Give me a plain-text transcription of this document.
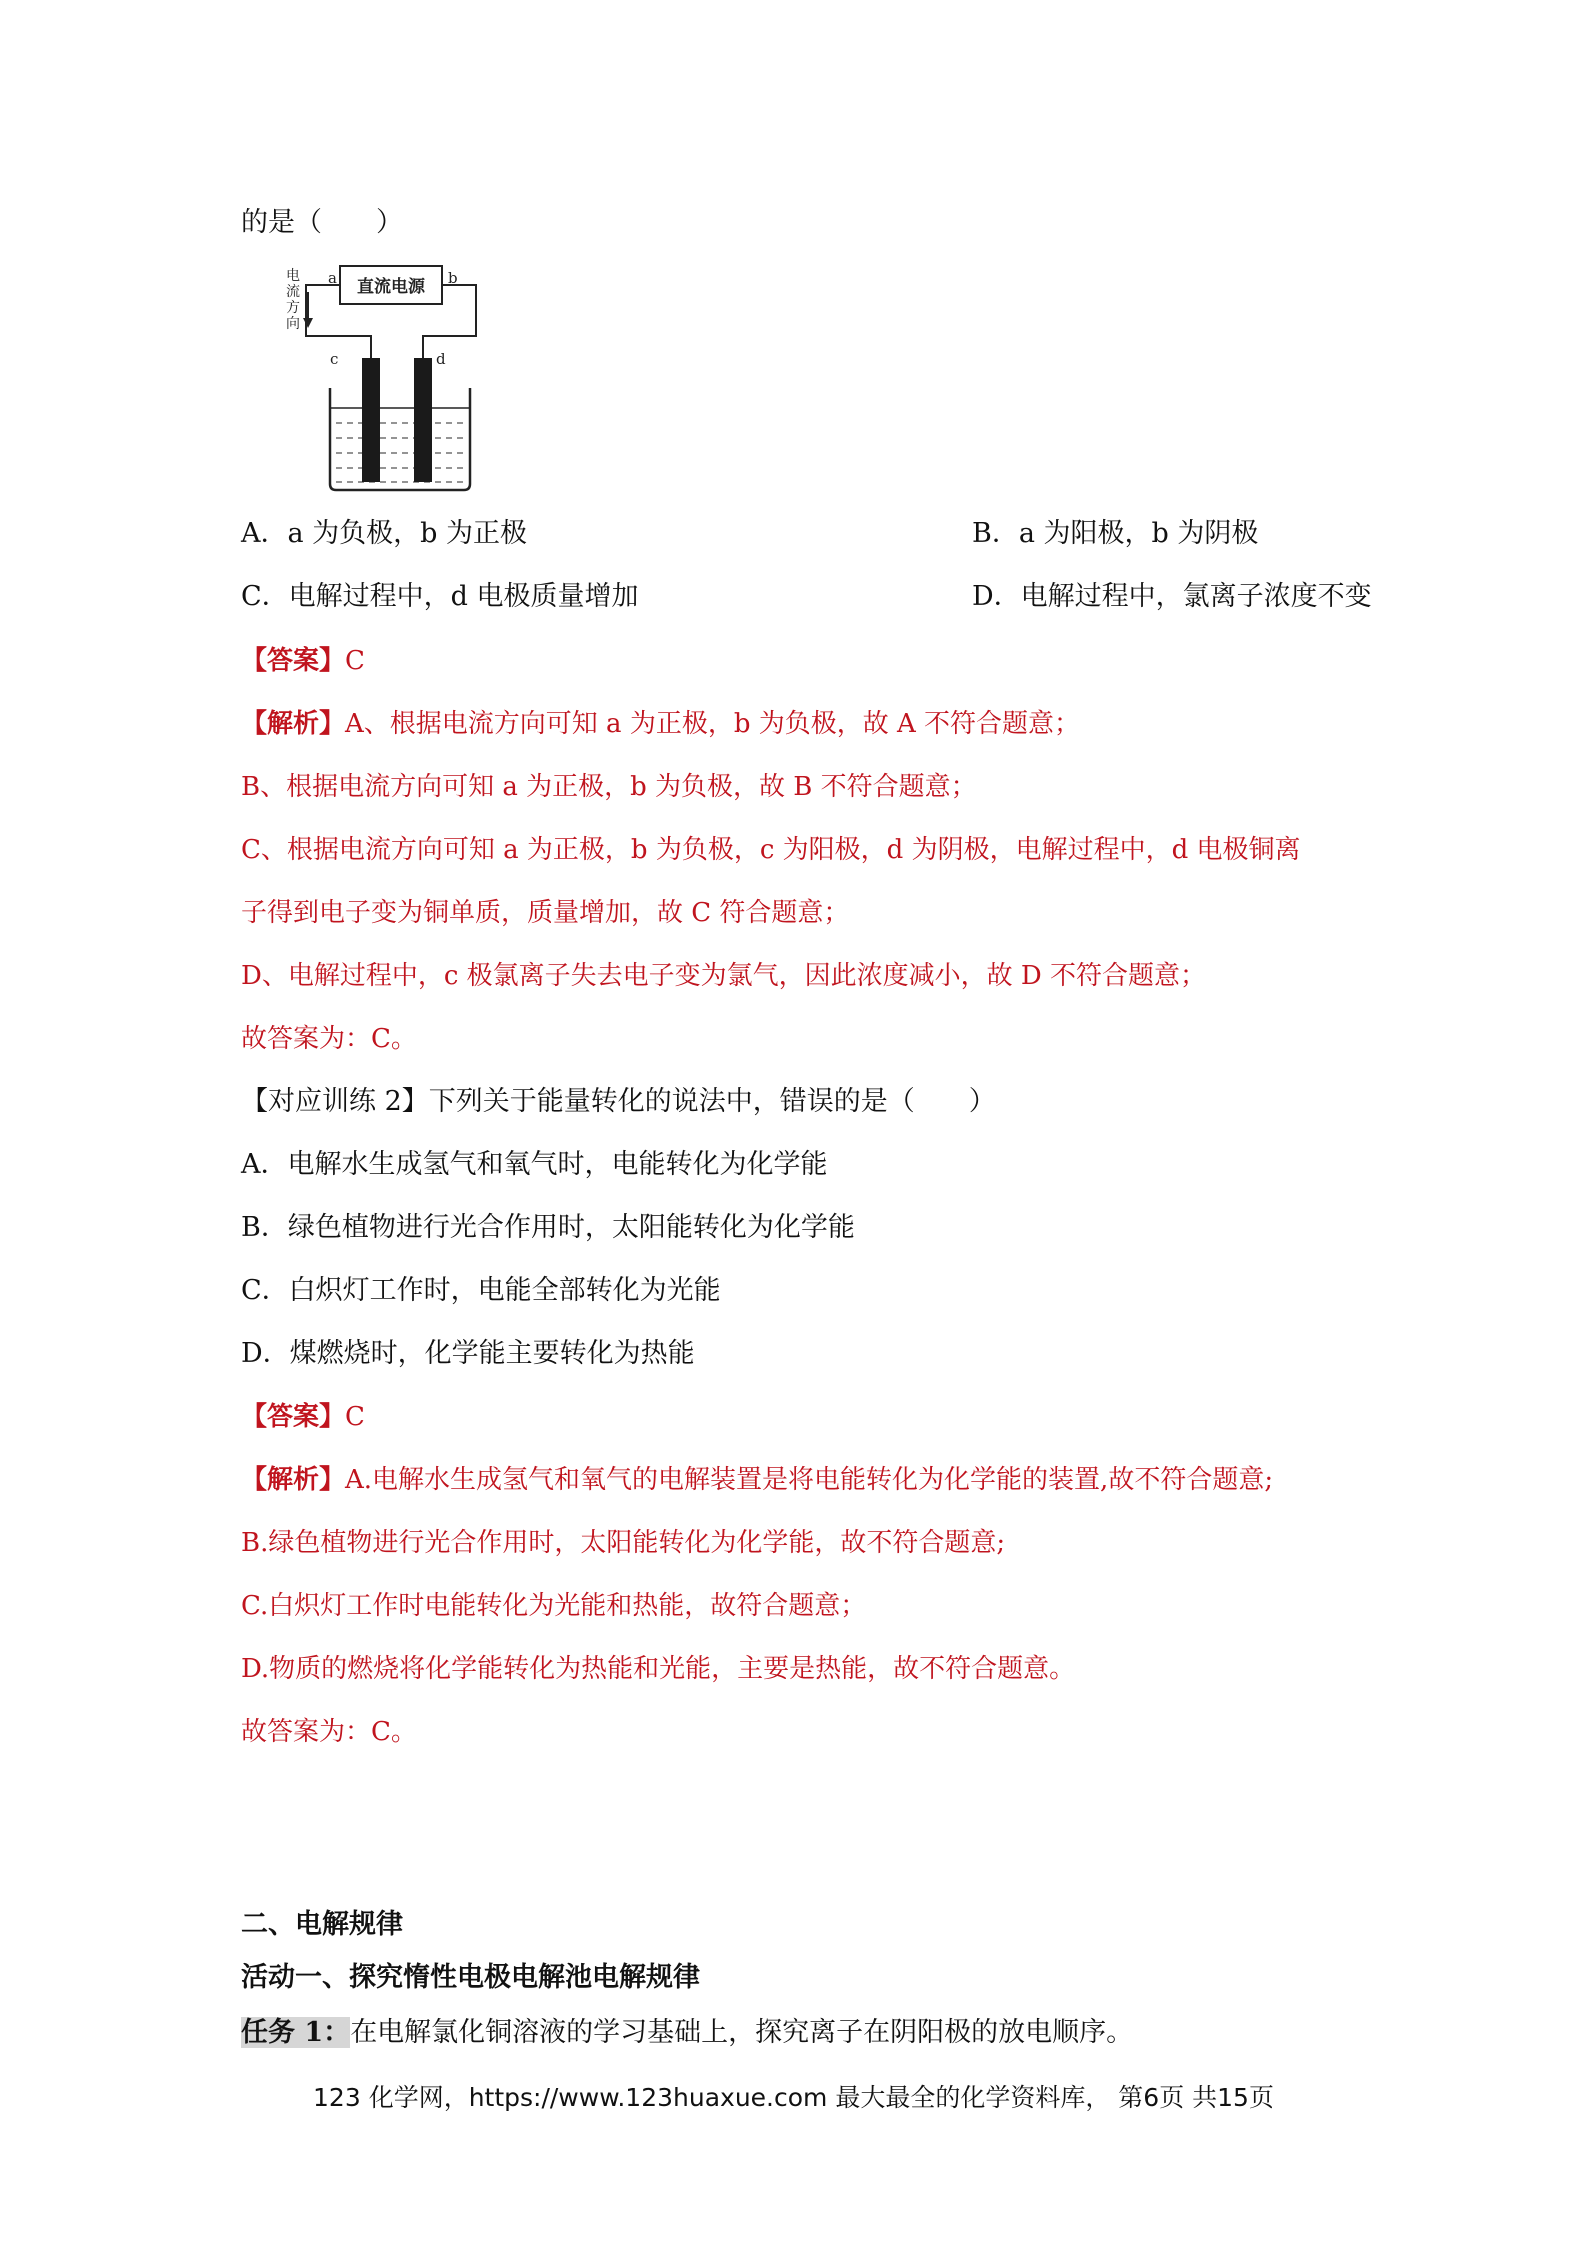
的是（　　）
直流电源
a	b
c	d
电
流
方
向
A．a 为负极，b 为正极	B．a 为阳极，b 为阴极
C．电解过程中，d 电极质量增加	D．电解过程中，氯离子浓度不变
【答案】C
【解析】A、根据电流方向可知 a 为正极，b 为负极，故 A 不符合题意；
B、根据电流方向可知 a 为正极，b 为负极，故 B 不符合题意；
C、根据电流方向可知 a 为正极，b 为负极，c 为阳极，d 为阴极，电解过程中，d 电极铜离
子得到电子变为铜单质，质量增加，故 C 符合题意；
D、电解过程中，c 极氯离子失去电子变为氯气，因此浓度减小，故 D 不符合题意；
故答案为：C。
【对应训练 2】下列关于能量转化的说法中，错误的是（　　）
A．电解水生成氢气和氧气时，电能转化为化学能
B．绿色植物进行光合作用时，太阳能转化为化学能
C．白炽灯工作时，电能全部转化为光能
D．煤燃烧时，化学能主要转化为热能
【答案】C
【解析】A.电解水生成氢气和氧气的电解装置是将电能转化为化学能的装置,故不符合题意;
B.绿色植物进行光合作用时，太阳能转化为化学能，故不符合题意;
C.白炽灯工作时电能转化为光能和热能，故符合题意；
D.物质的燃烧将化学能转化为热能和光能，主要是热能，故不符合题意。
故答案为：C。
二、电解规律
活动一、探究惰性电极电解池电解规律
任务 1：在电解氯化铜溶液的学习基础上，探究离子在阴阳极的放电顺序。
123 化学网，https://www.123huaxue.com 最大最全的化学资料库， 第6页 共15页
